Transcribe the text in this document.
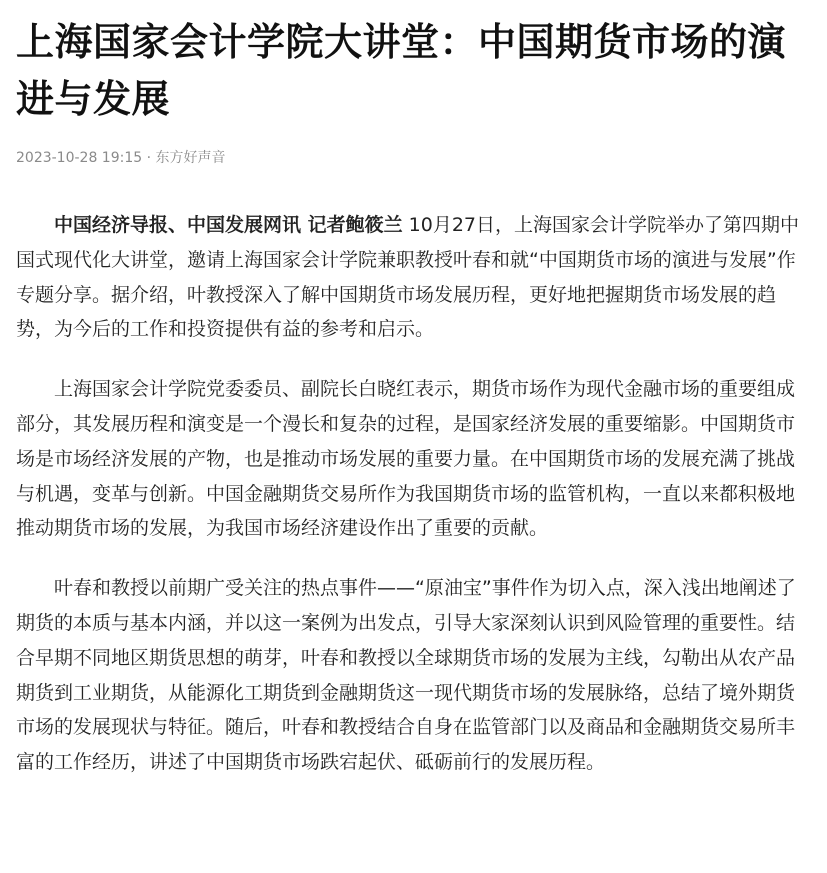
上海国家会计学院大讲堂：中国期货市场的演进与发展
2023-10-28 19:15 · 东方好声音

中国经济导报、中国发展网讯 记者鲍筱兰 10月27日，上海国家会计学院举办了第四期中国式现代化大讲堂，邀请上海国家会计学院兼职教授叶春和就“中国期货市场的演进与发展”作专题分享。据介绍，叶教授深入了解中国期货市场发展历程，更好地把握期货市场发展的趋势，为今后的工作和投资提供有益的参考和启示。

上海国家会计学院党委委员、副院长白晓红表示，期货市场作为现代金融市场的重要组成部分，其发展历程和演变是一个漫长和复杂的过程，是国家经济发展的重要缩影。中国期货市场是市场经济发展的产物，也是推动市场发展的重要力量。在中国期货市场的发展充满了挑战与机遇，变革与创新。中国金融期货交易所作为我国期货市场的监管机构，一直以来都积极地推动期货市场的发展，为我国市场经济建设作出了重要的贡献。

叶春和教授以前期广受关注的热点事件——“原油宝”事件作为切入点，深入浅出地阐述了期货的本质与基本内涵，并以这一案例为出发点，引导大家深刻认识到风险管理的重要性。结合早期不同地区期货思想的萌芽，叶春和教授以全球期货市场的发展为主线，勾勒出从农产品期货到工业期货，从能源化工期货到金融期货这一现代期货市场的发展脉络，总结了境外期货市场的发展现状与特征。随后，叶春和教授结合自身在监管部门以及商品和金融期货交易所丰富的工作经历，讲述了中国期货市场跌宕起伏、砥砺前行的发展历程。
